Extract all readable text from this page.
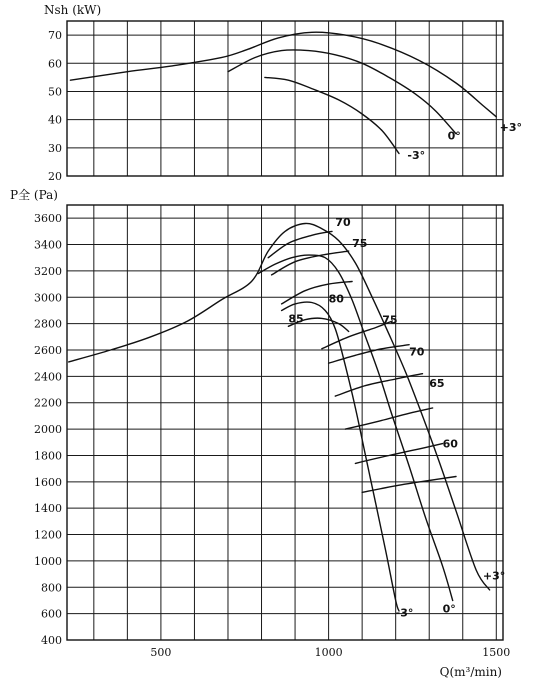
20
30
40
50
60
70
+3°
0°
-3°
Nsh (kW)
400
600
800
1000
1200
1400
1600
1800
2000
2200
2400
2600
2800
3000
3200
3400
3600
500	1000	1500
70
75
80
85	75
70
65
60
+3°
0°
-3°
P全 (Pa)
Q(m³/min)
